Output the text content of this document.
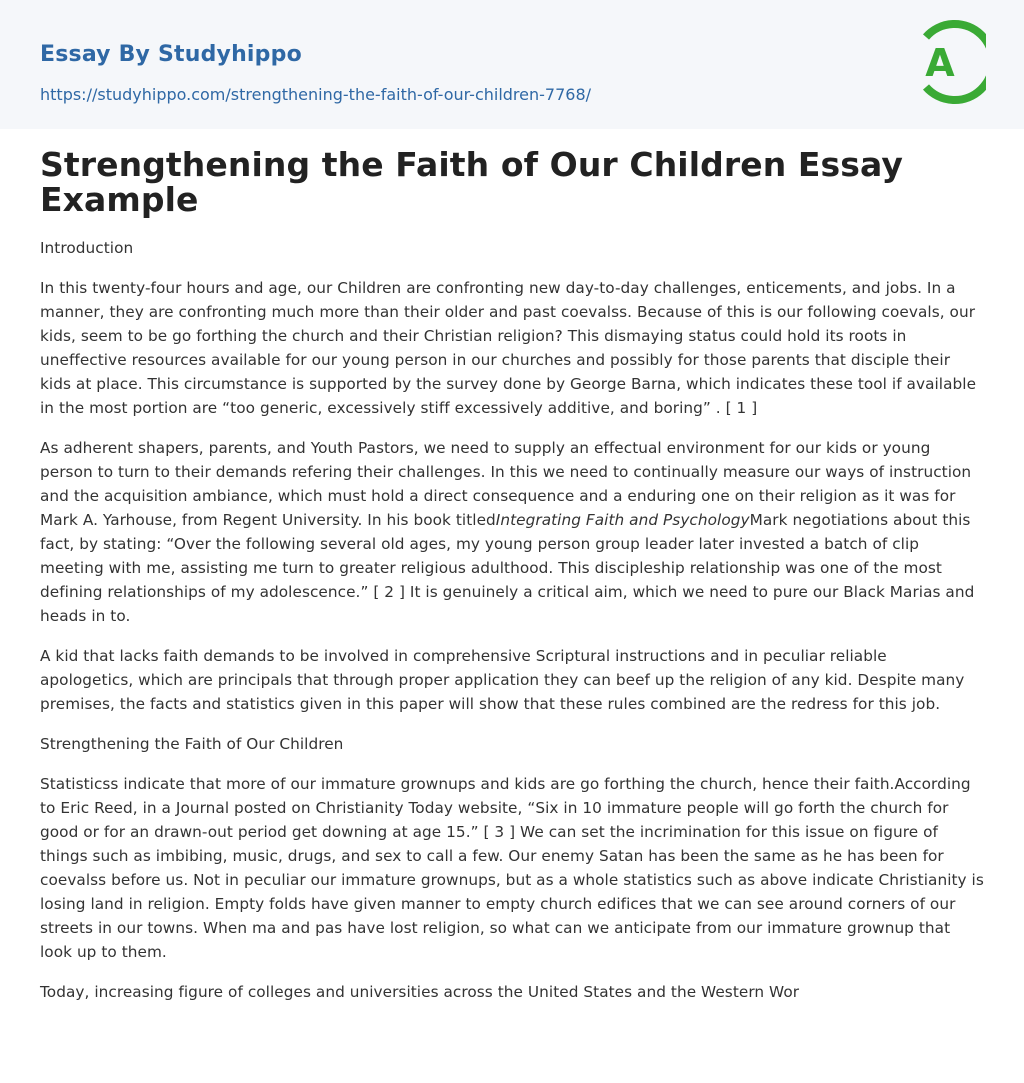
Essay By Studyhippo
https://studyhippo.com/strengthening-the-faith-of-our-children-7768/
A
Strengthening the Faith of Our Children Essay Example

Introduction

In this twenty-four hours and age, our Children are confronting new day-to-day challenges, enticements, and jobs. In a manner, they are confronting much more than their older and past coevalss. Because of this is our following coevals, our kids, seem to be go forthing the church and their Christian religion? This dismaying status could hold its roots in uneffective resources available for our young person in our churches and possibly for those parents that disciple their kids at place. This circumstance is supported by the survey done by George Barna, which indicates these tool if available in the most portion are “too generic, excessively stiff excessively additive, and boring” . [ 1 ]

As adherent shapers, parents, and Youth Pastors, we need to supply an effectual environment for our kids or young person to turn to their demands refering their challenges. In this we need to continually measure our ways of instruction and the acquisition ambiance, which must hold a direct consequence and a enduring one on their religion as it was for Mark A. Yarhouse, from Regent University. In his book titledIntegrating Faith and PsychologyMark negotiations about this fact, by stating: “Over the following several old ages, my young person group leader later invested a batch of clip meeting with me, assisting me turn to greater religious adulthood. This discipleship relationship was one of the most defining relationships of my adolescence.” [ 2 ] It is genuinely a critical aim, which we need to pure our Black Marias and heads in to.

A kid that lacks faith demands to be involved in comprehensive Scriptural instructions and in peculiar reliable apologetics, which are principals that through proper application they can beef up the religion of any kid. Despite many premises, the facts and statistics given in this paper will show that these rules combined are the redress for this job.

Strengthening the Faith of Our Children

Statisticss indicate that more of our immature grownups and kids are go forthing the church, hence their faith.According to Eric Reed, in a Journal posted on Christianity Today website, “Six in 10 immature people will go forth the church for good or for an drawn-out period get downing at age 15.” [ 3 ] We can set the incrimination for this issue on figure of things such as imbibing, music, drugs, and sex to call a few. Our enemy Satan has been the same as he has been for coevalss before us. Not in peculiar our immature grownups, but as a whole statistics such as above indicate Christianity is losing land in religion. Empty folds have given manner to empty church edifices that we can see around corners of our streets in our towns. When ma and pas have lost religion, so what can we anticipate from our immature grownup that look up to them.

Today, increasing figure of colleges and universities across the United States and the Western Wor
